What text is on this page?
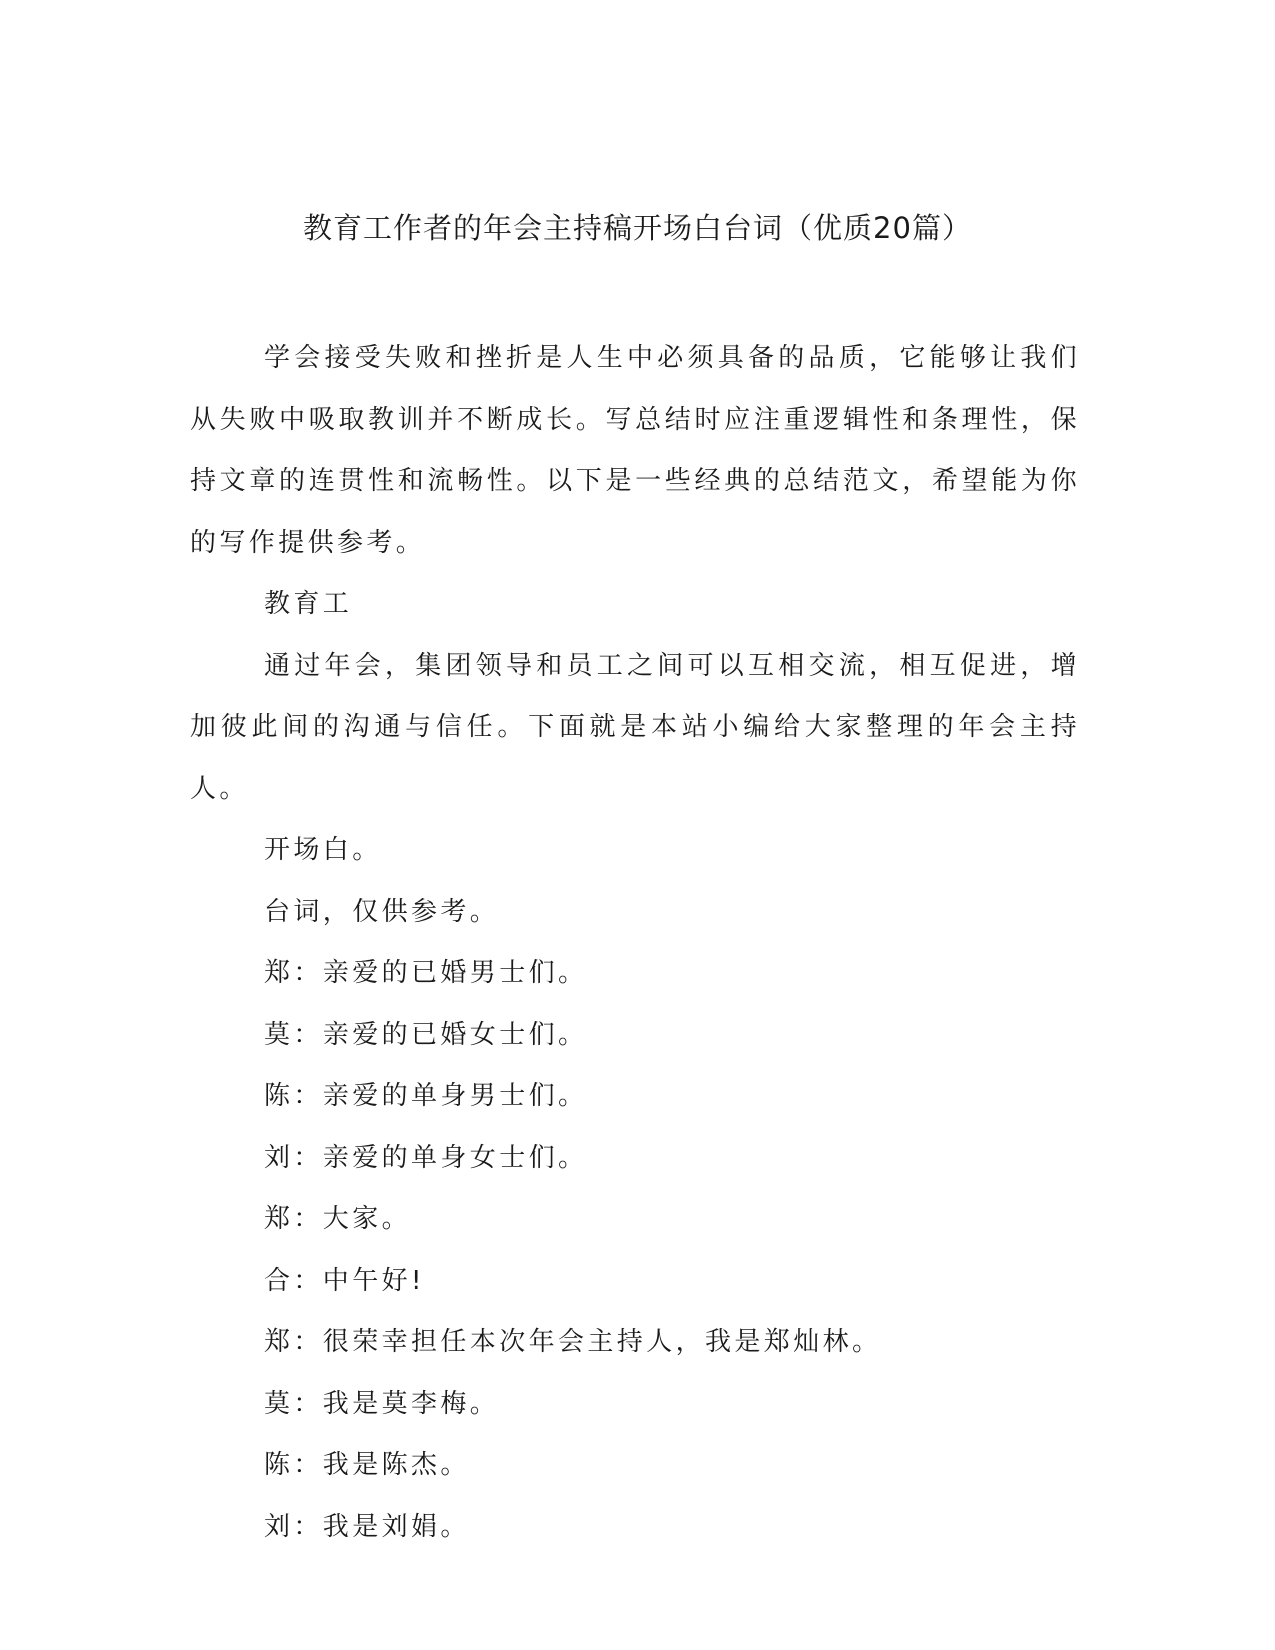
教育工作者的年会主持稿开场白台词（优质20篇）

学会接受失败和挫折是人生中必须具备的品质，它能够让我们从失败中吸取教训并不断成长。写总结时应注重逻辑性和条理性，保持文章的连贯性和流畅性。以下是一些经典的总结范文，希望能为你的写作提供参考。

教育工

通过年会，集团领导和员工之间可以互相交流，相互促进，增加彼此间的沟通与信任。下面就是本站小编给大家整理的年会主持人。

开场白。

台词，仅供参考。

郑：亲爱的已婚男士们。

莫：亲爱的已婚女士们。

陈：亲爱的单身男士们。

刘：亲爱的单身女士们。

郑：大家。

合：中午好!

郑：很荣幸担任本次年会主持人，我是郑灿林。

莫：我是莫李梅。

陈：我是陈杰。

刘：我是刘娟。
